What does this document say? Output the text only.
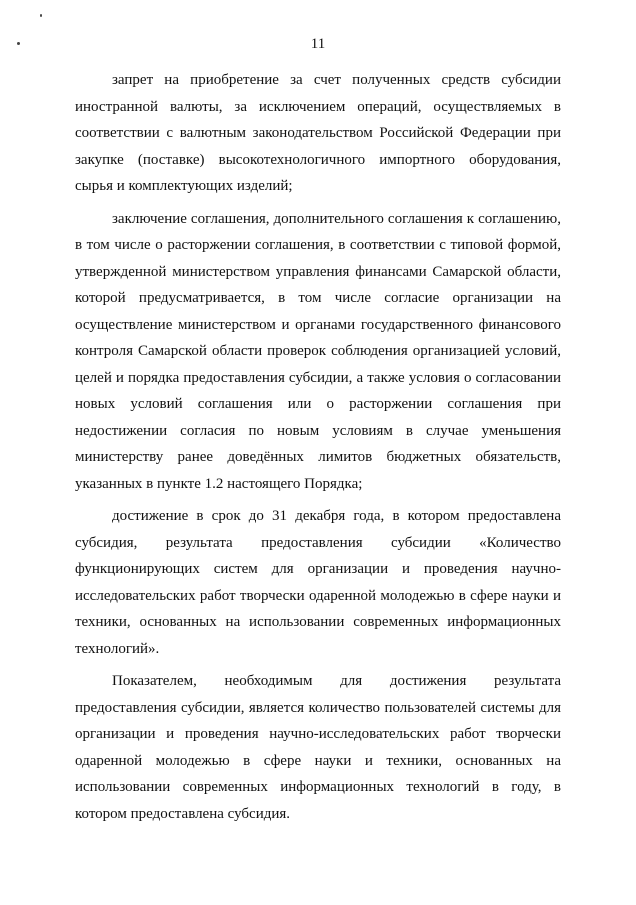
11

запрет на приобретение за счет полученных средств субсидии иностранной валюты, за исключением операций, осуществляемых в соответствии с валютным законодательством Российской Федерации при закупке (поставке) высокотехнологичного импортного оборудования, сырья и комплектующих изделий;

заключение соглашения, дополнительного соглашения к соглашению, в том числе о расторжении соглашения, в соответствии с типовой формой, утвержденной министерством управления финансами Самарской области, которой предусматривается, в том числе согласие организации на осуществление министерством и органами государственного финансового контроля Самарской области проверок соблюдения организацией условий, целей и порядка предоставления субсидии, а также условия о согласовании новых условий соглашения или о расторжении соглашения при недостижении согласия по новым условиям в случае уменьшения министерству ранее доведённых лимитов бюджетных обязательств, указанных в пункте 1.2 настоящего Порядка;

достижение в срок до 31 декабря года, в котором предоставлена субсидия, результата предоставления субсидии «Количество функционирующих систем для организации и проведения научно-исследовательских работ творчески одаренной молодежью в сфере науки и техники, основанных на использовании современных информационных технологий».

Показателем, необходимым для достижения результата предоставления субсидии, является количество пользователей системы для организации и проведения научно-исследовательских работ творчески одаренной молодежью в сфере науки и техники, основанных на использовании современных информационных технологий в году, в котором предоставлена субсидия.
